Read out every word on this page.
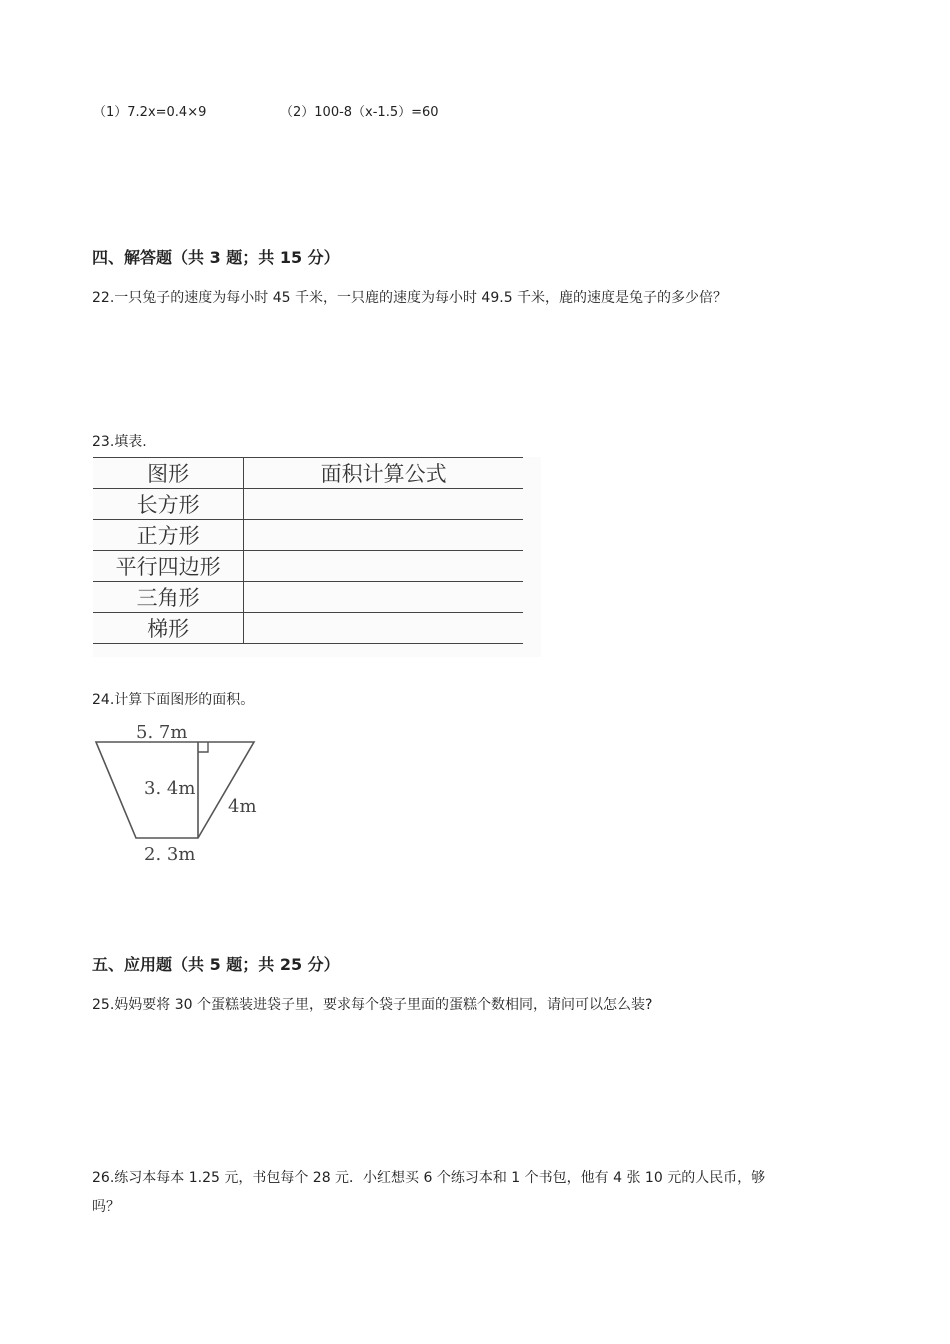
（1）7.2x=0.4×9	（2）100-8（x-1.5）=60
四、解答题（共 3 题；共 15 分）
22.一只兔子的速度为每小时 45 千米，一只鹿的速度为每小时 49.5 千米，鹿的速度是兔子的多少倍？
23.填表.
图形	面积计算公式
长方形	
正方形	
平行四边形	
三角形	
梯形	
24.计算下面图形的面积。
5. 7m
3. 4m
4m
2. 3m
五、应用题（共 5 题；共 25 分）
25.妈妈要将 30 个蛋糕装进袋子里，要求每个袋子里面的蛋糕个数相同，请问可以怎么装?
26.练习本每本 1.25 元，书包每个 28 元．小红想买 6 个练习本和 1 个书包，他有 4 张 10 元的人民币，够
吗？
